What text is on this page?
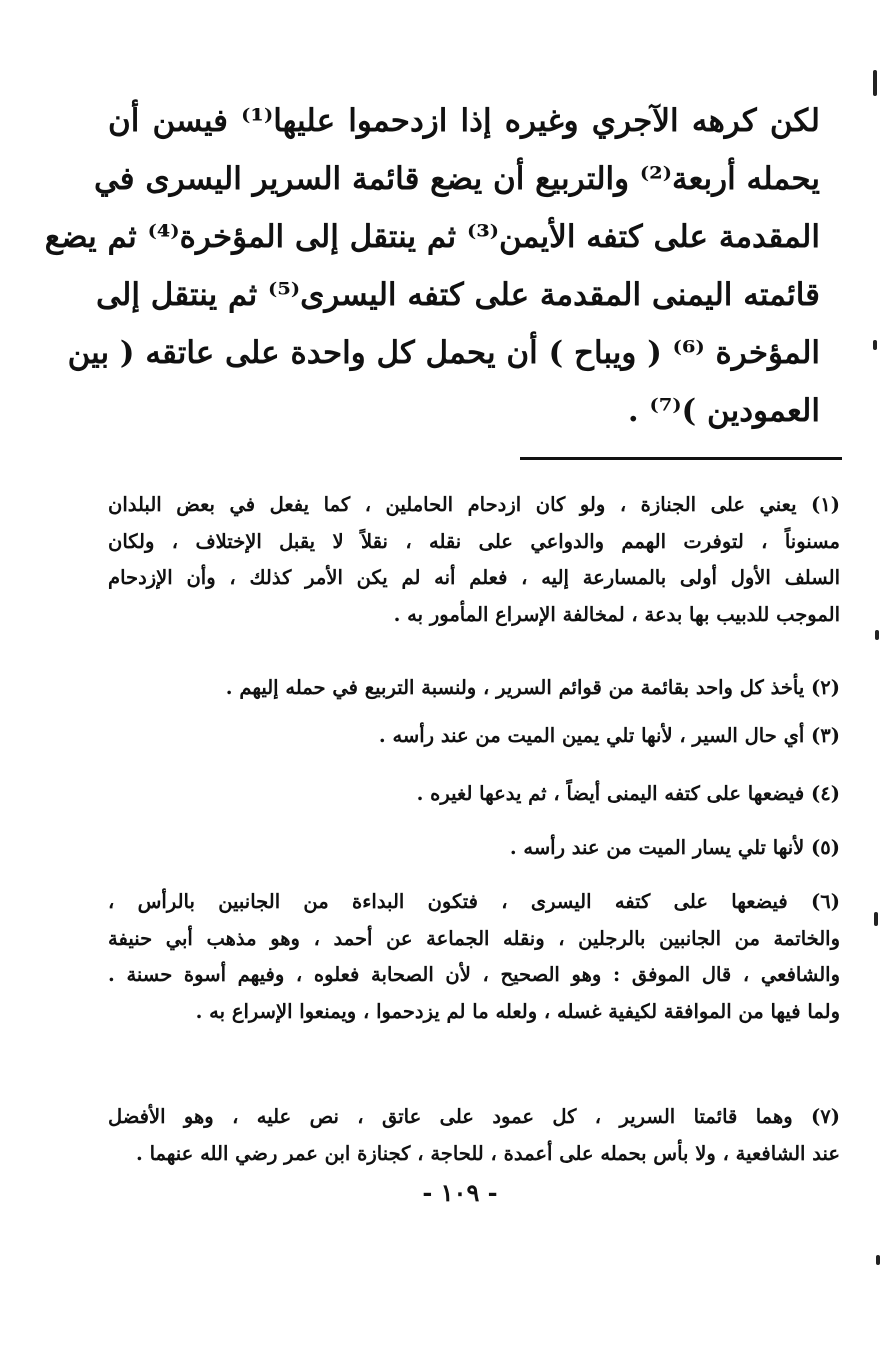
لكن كرهه الآجري وغيره إذا ازدحموا عليها⁽¹⁾ فيسن أن
يحمله أربعة⁽²⁾ والتربيع أن يضع قائمة السرير اليسرى في
المقدمة على كتفه الأيمن⁽³⁾ ثم ينتقل إلى المؤخرة⁽⁴⁾ ثم يضع
قائمته اليمنى المقدمة على كتفه اليسرى⁽⁵⁾ ثم ينتقل إلى
المؤخرة ⁽⁶⁾ ( ويباح ) أن يحمل كل واحدة على عاتقه ( بين
العمودين )⁽⁷⁾ .
(١) يعني على الجنازة ، ولو كان ازدحام الحاملين ، كما يفعل في بعض البلدان
مسنوناً ، لتوفرت الهمم والدواعي على نقله ، نقلاً لا يقبل الإختلاف ، ولكان
السلف الأول أولى بالمسارعة إليه ، فعلم أنه لم يكن الأمر كذلك ، وأن الإزدحام
الموجب للدبيب بها بدعة ، لمخالفة الإسراع المأمور به .
(٢) يأخذ كل واحد بقائمة من قوائم السرير ، ولنسبة التربيع في حمله إليهم .
(٣) أي حال السير ، لأنها تلي يمين الميت من عند رأسه .
(٤) فيضعها على كتفه اليمنى أيضاً ، ثم يدعها لغيره .
(٥) لأنها تلي يسار الميت من عند رأسه .
(٦) فيضعها على كتفه اليسرى ، فتكون البداءة من الجانبين بالرأس ،
والخاتمة من الجانبين بالرجلين ، ونقله الجماعة عن أحمد ، وهو مذهب أبي حنيفة
والشافعي ، قال الموفق : وهو الصحيح ، لأن الصحابة فعلوه ، وفيهم أسوة حسنة .
ولما فيها من الموافقة لكيفية غسله ، ولعله ما لم يزدحموا ، ويمنعوا الإسراع به .
(٧) وهما قائمتا السرير ، كل عمود على عاتق ، نص عليه ، وهو الأفضل
عند الشافعية ، ولا بأس بحمله على أعمدة ، للحاجة ، كجنازة ابن عمر رضي الله عنهما .
- ١٠٩ -
